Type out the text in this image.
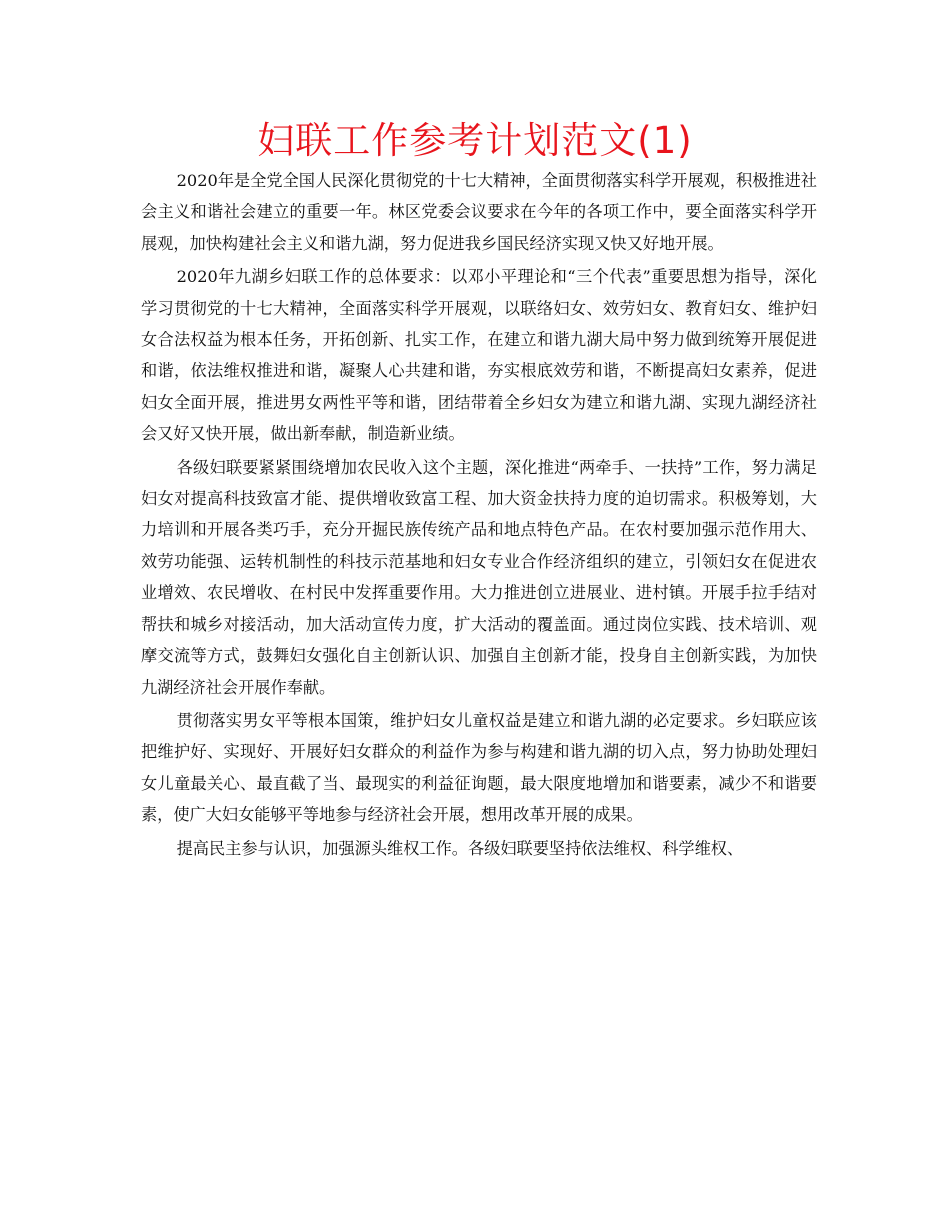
妇联工作参考计划范文(1)

2020年是全党全国人民深化贯彻党的十七大精神，全面贯彻落实科学开展观，积极推进社会主义和谐社会建立的重要一年。林区党委会议要求在今年的各项工作中，要全面落实科学开展观，加快构建社会主义和谐九湖，努力促进我乡国民经济实现又快又好地开展。

2020年九湖乡妇联工作的总体要求：以邓小平理论和“三个代表”重要思想为指导，深化学习贯彻党的十七大精神，全面落实科学开展观，以联络妇女、效劳妇女、教育妇女、维护妇女合法权益为根本任务，开拓创新、扎实工作，在建立和谐九湖大局中努力做到统筹开展促进和谐，依法维权推进和谐，凝聚人心共建和谐，夯实根底效劳和谐，不断提高妇女素养，促进妇女全面开展，推进男女两性平等和谐，团结带着全乡妇女为建立和谐九湖、实现九湖经济社会又好又快开展，做出新奉献，制造新业绩。

各级妇联要紧紧围绕增加农民收入这个主题，深化推进“两牵手、一扶持”工作，努力满足妇女对提高科技致富才能、提供增收致富工程、加大资金扶持力度的迫切需求。积极筹划，大力培训和开展各类巧手，充分开掘民族传统产品和地点特色产品。在农村要加强示范作用大、效劳功能强、运转机制性的科技示范基地和妇女专业合作经济组织的建立，引领妇女在促进农业增效、农民增收、在村民中发挥重要作用。大力推进创立进展业、进村镇。开展手拉手结对帮扶和城乡对接活动，加大活动宣传力度，扩大活动的覆盖面。通过岗位实践、技术培训、观摩交流等方式，鼓舞妇女强化自主创新认识、加强自主创新才能，投身自主创新实践，为加快九湖经济社会开展作奉献。

贯彻落实男女平等根本国策，维护妇女儿童权益是建立和谐九湖的必定要求。乡妇联应该把维护好、实现好、开展好妇女群众的利益作为参与构建和谐九湖的切入点，努力协助处理妇女儿童最关心、最直截了当、最现实的利益征询题，最大限度地增加和谐要素，减少不和谐要素，使广大妇女能够平等地参与经济社会开展，想用改革开展的成果。

提高民主参与认识，加强源头维权工作。各级妇联要坚持依法维权、科学维权、
